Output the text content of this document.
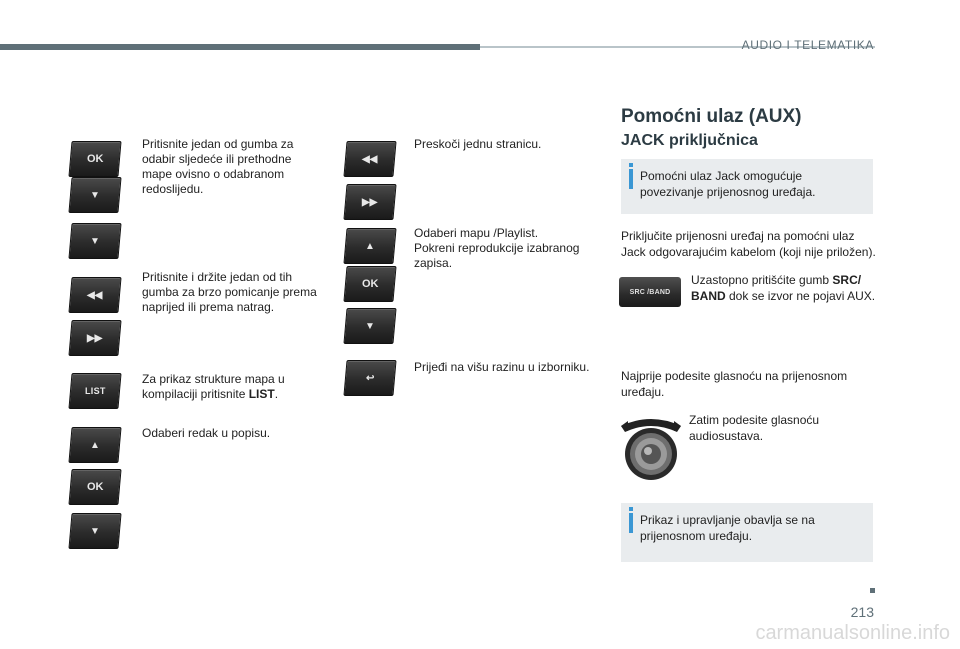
AUDIO I TELEMATIKA
OK
▼
▼
◀◀
▶▶
LIST
▲
OK
▼
Pritisnite jedan od gumba za odabir sljedeće ili prethodne mape ovisno o odabranom redoslijedu.
Pritisnite i držite jedan od tih gumba za brzo pomicanje prema naprijed ili prema natrag.
Za prikaz strukture mapa u kompilaciji pritisnite LIST.
Odaberi redak u popisu.
◀◀
▶▶
▲
OK
▼
↩
Preskoči jednu stranicu.
Odaberi mapu /Playlist.
Pokreni reprodukcije izabranog zapisa.
Prijeđi na višu razinu u izborniku.
Pomoćni ulaz (AUX)
JACK priključnica
Pomoćni ulaz Jack omogućuje povezivanje prijenosnog uređaja.
Priključite prijenosni uređaj na pomoćni ulaz Jack odgovarajućim kabelom (koji nije priložen).
SRC /BAND
Uzastopno pritišćite gumb SRC/ BAND dok se izvor ne pojavi AUX.
Najprije podesite glasnoću na prijenosnom uređaju.
Zatim podesite glasnoću audiosustava.
Prikaz i upravljanje obavlja se na prijenosnom uređaju.
213
carmanualsonline.info
